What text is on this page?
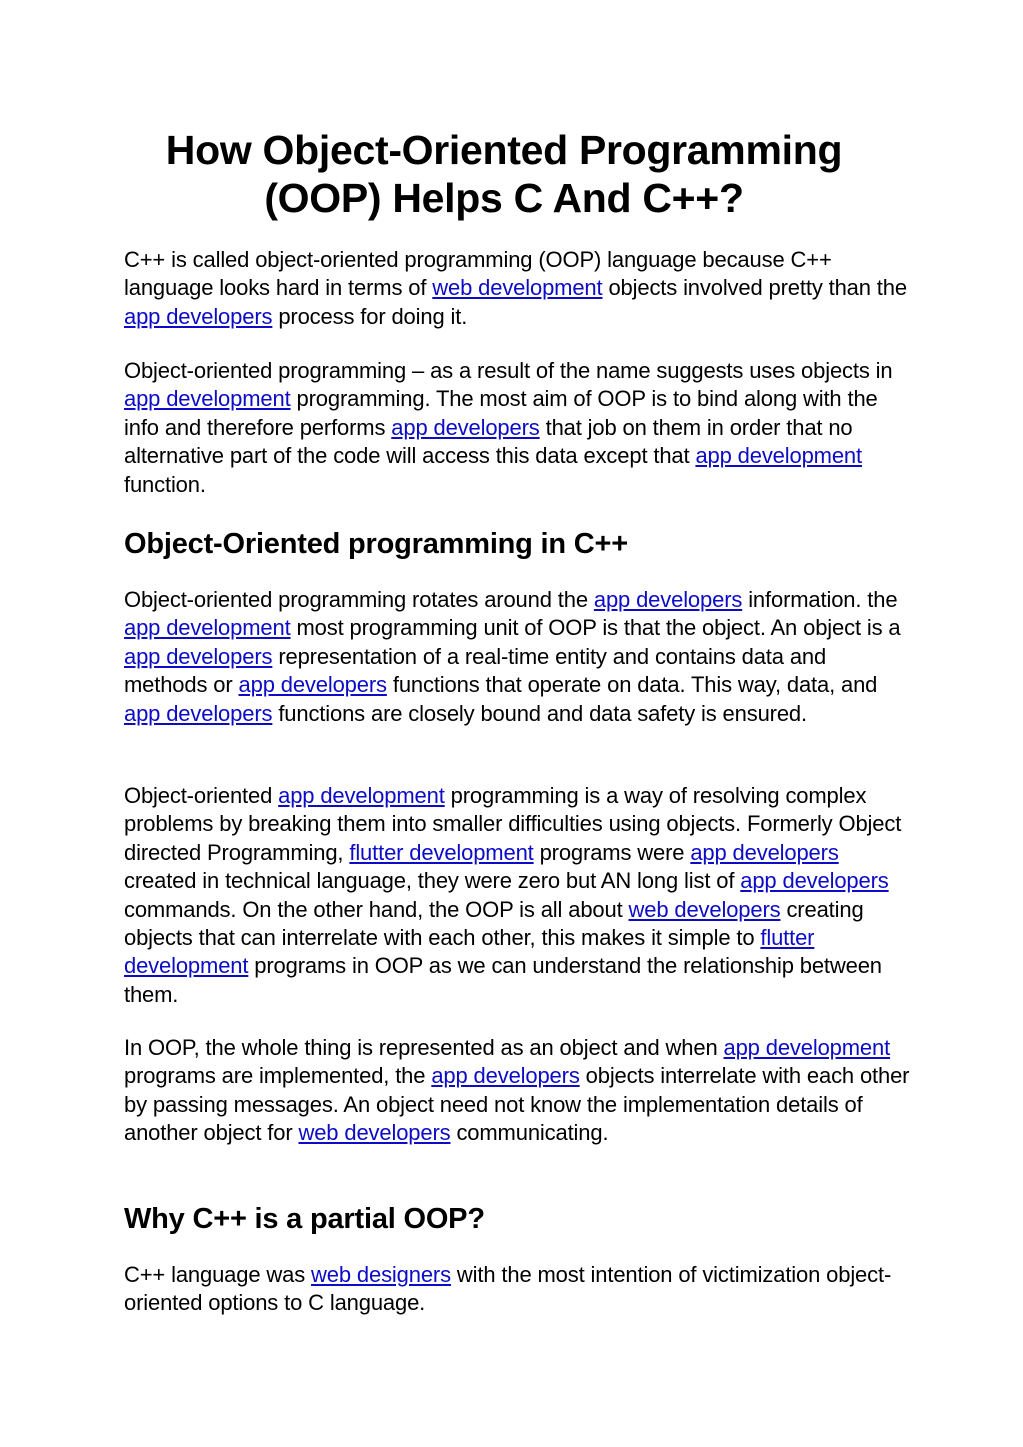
How Object-Oriented Programming
(OOP) Helps C And C++?

C++ is called object-oriented programming (OOP) language because C++ language looks hard in terms of web development objects involved pretty than the app developers process for doing it.

Object-oriented programming – as a result of the name suggests uses objects in app development programming. The most aim of OOP is to bind along with the info and therefore performs app developers that job on them in order that no alternative part of the code will access this data except that app development function.

Object-Oriented programming in C++

Object-oriented programming rotates around the app developers information. the app development most programming unit of OOP is that the object. An object is a app developers representation of a real-time entity and contains data and methods or app developers functions that operate on data. This way, data, and app developers functions are closely bound and data safety is ensured.

Object-oriented app development programming is a way of resolving complex problems by breaking them into smaller difficulties using objects. Formerly Object directed Programming, flutter development programs were app developers created in technical language, they were zero but AN long list of app developers commands. On the other hand, the OOP is all about web developers creating objects that can interrelate with each other, this makes it simple to flutter development programs in OOP as we can understand the relationship between them.

In OOP, the whole thing is represented as an object and when app development programs are implemented, the app developers objects interrelate with each other by passing messages. An object need not know the implementation details of another object for web developers communicating.

Why C++ is a partial OOP?

C++ language was web designers with the most intention of victimization object-oriented options to C language.
